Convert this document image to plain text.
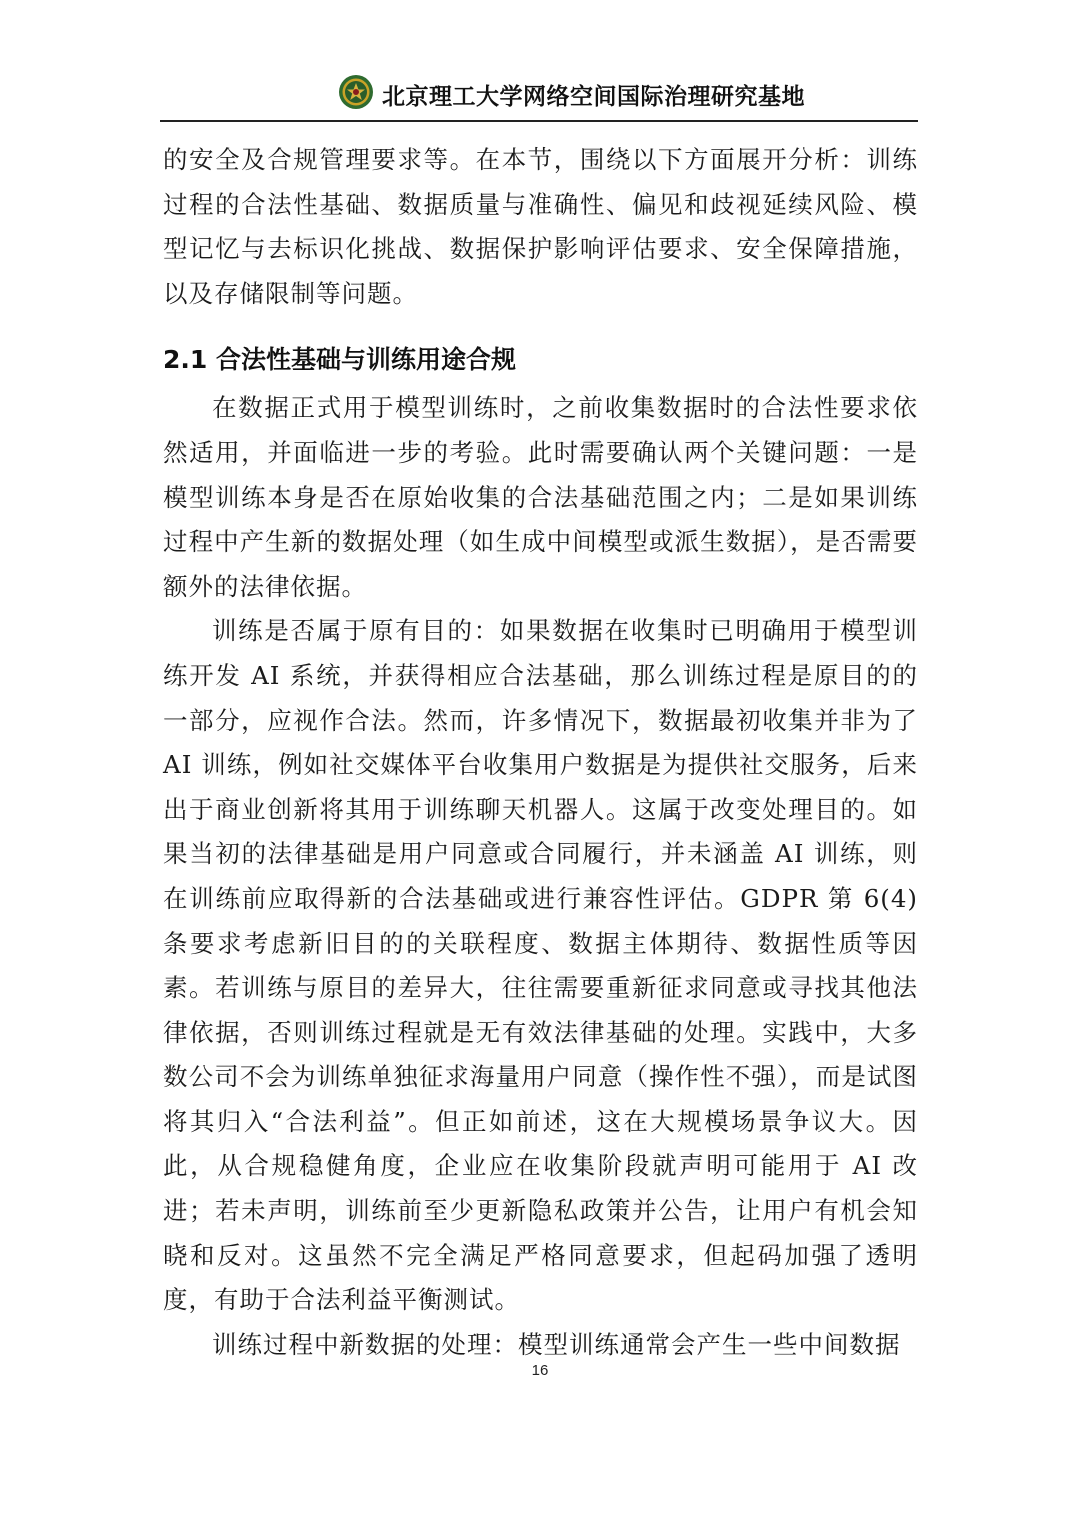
北京理工大学网络空间国际治理研究基地

的安全及合规管理要求等。在本节，围绕以下方面展开分析：训练过程的合法性基础、数据质量与准确性、偏见和歧视延续风险、模型记忆与去标识化挑战、数据保护影响评估要求、安全保障措施，以及存储限制等问题。

2.1 合法性基础与训练用途合规

在数据正式用于模型训练时，之前收集数据时的合法性要求依然适用，并面临进一步的考验。此时需要确认两个关键问题：一是模型训练本身是否在原始收集的合法基础范围之内；二是如果训练过程中产生新的数据处理（如生成中间模型或派生数据），是否需要额外的法律依据。

训练是否属于原有目的：如果数据在收集时已明确用于模型训练开发 AI 系统，并获得相应合法基础，那么训练过程是原目的的一部分，应视作合法。然而，许多情况下，数据最初收集并非为了 AI 训练，例如社交媒体平台收集用户数据是为提供社交服务，后来出于商业创新将其用于训练聊天机器人。这属于改变处理目的。如果当初的法律基础是用户同意或合同履行，并未涵盖 AI 训练，则在训练前应取得新的合法基础或进行兼容性评估。GDPR 第 6(4)条要求考虑新旧目的的关联程度、数据主体期待、数据性质等因素。若训练与原目的差异大，往往需要重新征求同意或寻找其他法律依据，否则训练过程就是无有效法律基础的处理。实践中，大多数公司不会为训练单独征求海量用户同意（操作性不强），而是试图将其归入“合法利益”。但正如前述，这在大规模场景争议大。因此，从合规稳健角度，企业应在收集阶段就声明可能用于 AI 改进；若未声明，训练前至少更新隐私政策并公告，让用户有机会知晓和反对。这虽然不完全满足严格同意要求，但起码加强了透明度，有助于合法利益平衡测试。

训练过程中新数据的处理：模型训练通常会产生一些中间数据

16
